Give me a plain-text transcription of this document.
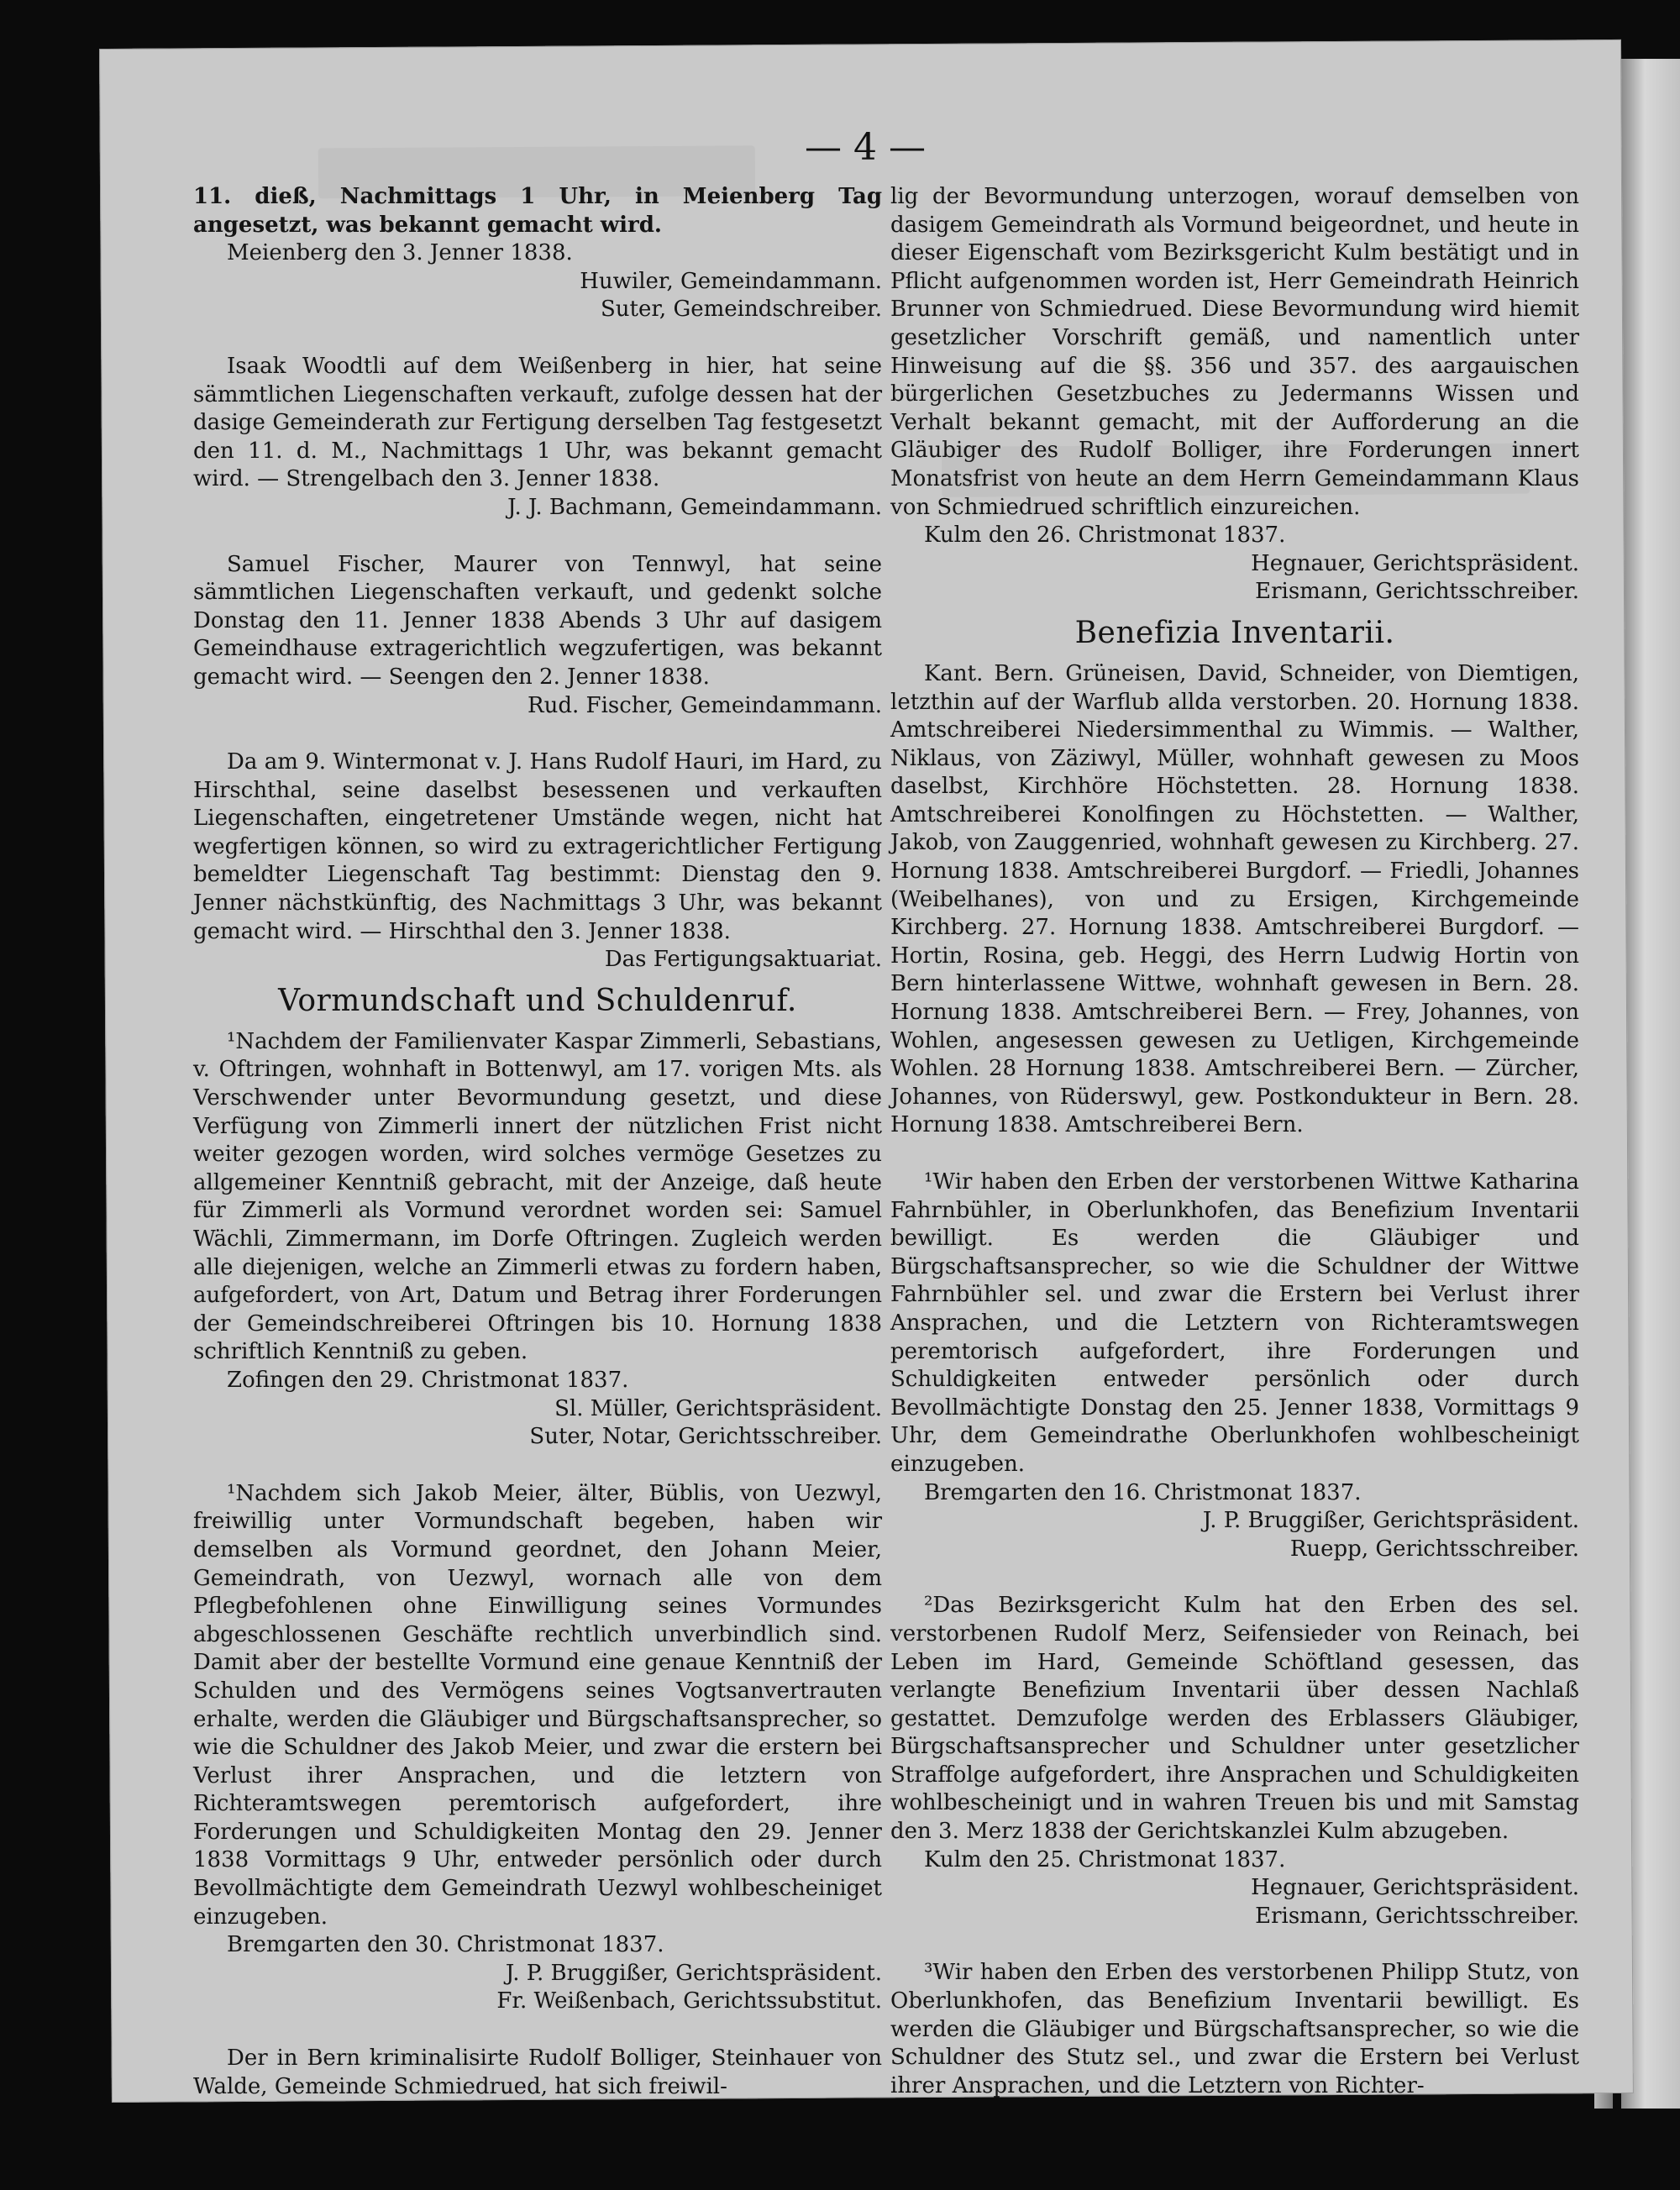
— 4 —

11. dieß, Nachmittags 1 Uhr, in Meienberg Tag angesetzt, was bekannt gemacht wird.

Meienberg den 3. Jenner 1838.

Huwiler, Gemeindammann.

Suter, Gemeindschreiber.

Isaak Woodtli auf dem Weißenberg in hier, hat seine sämmtlichen Liegenschaften verkauft, zufolge dessen hat der dasige Gemeinderath zur Fertigung derselben Tag festgesetzt den 11. d. M., Nachmittags 1 Uhr, was bekannt gemacht wird. — Strengelbach den 3. Jenner 1838.

J. J. Bachmann, Gemeindammann.

Samuel Fischer, Maurer von Tennwyl, hat seine sämmtlichen Liegenschaften verkauft, und gedenkt solche Donstag den 11. Jenner 1838 Abends 3 Uhr auf dasigem Gemeindhause extragerichtlich wegzufertigen, was bekannt gemacht wird. — Seengen den 2. Jenner 1838.

Rud. Fischer, Gemeindammann.

Da am 9. Wintermonat v. J. Hans Rudolf Hauri, im Hard, zu Hirschthal, seine daselbst besessenen und verkauften Liegenschaften, eingetretener Umstände wegen, nicht hat wegfertigen können, so wird zu extragerichtlicher Fertigung bemeldter Liegenschaft Tag bestimmt: Dienstag den 9. Jenner nächstkünftig, des Nachmittags 3 Uhr, was bekannt gemacht wird. — Hirschthal den 3. Jenner 1838.

Das Fertigungsaktuariat.

Vormundschaft und Schuldenruf.

¹Nachdem der Familienvater Kaspar Zimmerli, Sebastians, v. Oftringen, wohnhaft in Bottenwyl, am 17. vorigen Mts. als Verschwender unter Bevormundung gesetzt, und diese Verfügung von Zimmerli innert der nützlichen Frist nicht weiter gezogen worden, wird solches vermöge Gesetzes zu allgemeiner Kenntniß gebracht, mit der Anzeige, daß heute für Zimmerli als Vormund verordnet worden sei: Samuel Wächli, Zimmermann, im Dorfe Oftringen. Zugleich werden alle diejenigen, welche an Zimmerli etwas zu fordern haben, aufgefordert, von Art, Datum und Betrag ihrer Forderungen der Gemeindschreiberei Oftringen bis 10. Hornung 1838 schriftlich Kenntniß zu geben.

Zofingen den 29. Christmonat 1837.

Sl. Müller, Gerichtspräsident.

Suter, Notar, Gerichtsschreiber.

¹Nachdem sich Jakob Meier, älter, Büblis, von Uezwyl, freiwillig unter Vormundschaft begeben, haben wir demselben als Vormund geordnet, den Johann Meier, Gemeindrath, von Uezwyl, wornach alle von dem Pflegbefohlenen ohne Einwilligung seines Vormundes abgeschlossenen Geschäfte rechtlich unverbindlich sind. Damit aber der bestellte Vormund eine genaue Kenntniß der Schulden und des Vermögens seines Vogtsanvertrauten erhalte, werden die Gläubiger und Bürgschaftsansprecher, so wie die Schuldner des Jakob Meier, und zwar die erstern bei Verlust ihrer Ansprachen, und die letztern von Richteramtswegen peremtorisch aufgefordert, ihre Forderungen und Schuldigkeiten Montag den 29. Jenner 1838 Vormittags 9 Uhr, entweder persönlich oder durch Bevollmächtigte dem Gemeindrath Uezwyl wohlbescheiniget einzugeben.

Bremgarten den 30. Christmonat 1837.

J. P. Bruggißer, Gerichtspräsident.

Fr. Weißenbach, Gerichtssubstitut.

Der in Bern kriminalisirte Rudolf Bolliger, Steinhauer von Walde, Gemeinde Schmiedrued, hat sich freiwil-

lig der Bevormundung unterzogen, worauf demselben von dasigem Gemeindrath als Vormund beigeordnet, und heute in dieser Eigenschaft vom Bezirksgericht Kulm bestätigt und in Pflicht aufgenommen worden ist, Herr Gemeindrath Heinrich Brunner von Schmiedrued. Diese Bevormundung wird hiemit gesetzlicher Vorschrift gemäß, und namentlich unter Hinweisung auf die §§. 356 und 357. des aargauischen bürgerlichen Gesetzbuches zu Jedermanns Wissen und Verhalt bekannt gemacht, mit der Aufforderung an die Gläubiger des Rudolf Bolliger, ihre Forderungen innert Monatsfrist von heute an dem Herrn Gemeindammann Klaus von Schmiedrued schriftlich einzureichen.

Kulm den 26. Christmonat 1837.

Hegnauer, Gerichtspräsident.

Erismann, Gerichtsschreiber.

Benefizia Inventarii.

Kant. Bern. Grüneisen, David, Schneider, von Diemtigen, letzthin auf der Warflub allda verstorben. 20. Hornung 1838. Amtschreiberei Niedersimmenthal zu Wimmis. — Walther, Niklaus, von Zäziwyl, Müller, wohnhaft gewesen zu Moos daselbst, Kirchhöre Höchstetten. 28. Hornung 1838. Amtschreiberei Konolfingen zu Höchstetten. — Walther, Jakob, von Zauggenried, wohnhaft gewesen zu Kirchberg. 27. Hornung 1838. Amtschreiberei Burgdorf. — Friedli, Johannes (Weibelhanes), von und zu Ersigen, Kirchgemeinde Kirchberg. 27. Hornung 1838. Amtschreiberei Burgdorf. — Hortin, Rosina, geb. Heggi, des Herrn Ludwig Hortin von Bern hinterlassene Wittwe, wohnhaft gewesen in Bern. 28. Hornung 1838. Amtschreiberei Bern. — Frey, Johannes, von Wohlen, angesessen gewesen zu Uetligen, Kirchgemeinde Wohlen. 28 Hornung 1838. Amtschreiberei Bern. — Zürcher, Johannes, von Rüderswyl, gew. Postkondukteur in Bern. 28. Hornung 1838. Amtschreiberei Bern.

¹Wir haben den Erben der verstorbenen Wittwe Katharina Fahrnbühler, in Oberlunkhofen, das Benefizium Inventarii bewilligt. Es werden die Gläubiger und Bürgschaftsansprecher, so wie die Schuldner der Wittwe Fahrnbühler sel. und zwar die Erstern bei Verlust ihrer Ansprachen, und die Letztern von Richteramtswegen peremtorisch aufgefordert, ihre Forderungen und Schuldigkeiten entweder persönlich oder durch Bevollmächtigte Donstag den 25. Jenner 1838, Vormittags 9 Uhr, dem Gemeindrathe Oberlunkhofen wohlbescheinigt einzugeben.

Bremgarten den 16. Christmonat 1837.

J. P. Bruggißer, Gerichtspräsident.

Ruepp, Gerichtsschreiber.

²Das Bezirksgericht Kulm hat den Erben des sel. verstorbenen Rudolf Merz, Seifensieder von Reinach, bei Leben im Hard, Gemeinde Schöftland gesessen, das verlangte Benefizium Inventarii über dessen Nachlaß gestattet. Demzufolge werden des Erblassers Gläubiger, Bürgschaftsansprecher und Schuldner unter gesetzlicher Straffolge aufgefordert, ihre Ansprachen und Schuldigkeiten wohlbescheinigt und in wahren Treuen bis und mit Samstag den 3. Merz 1838 der Gerichtskanzlei Kulm abzugeben.

Kulm den 25. Christmonat 1837.

Hegnauer, Gerichtspräsident.

Erismann, Gerichtsschreiber.

³Wir haben den Erben des verstorbenen Philipp Stutz, von Oberlunkhofen, das Benefizium Inventarii bewilligt. Es werden die Gläubiger und Bürgschaftsansprecher, so wie die Schuldner des Stutz sel., und zwar die Erstern bei Verlust ihrer Ansprachen, und die Letztern von Richter-
